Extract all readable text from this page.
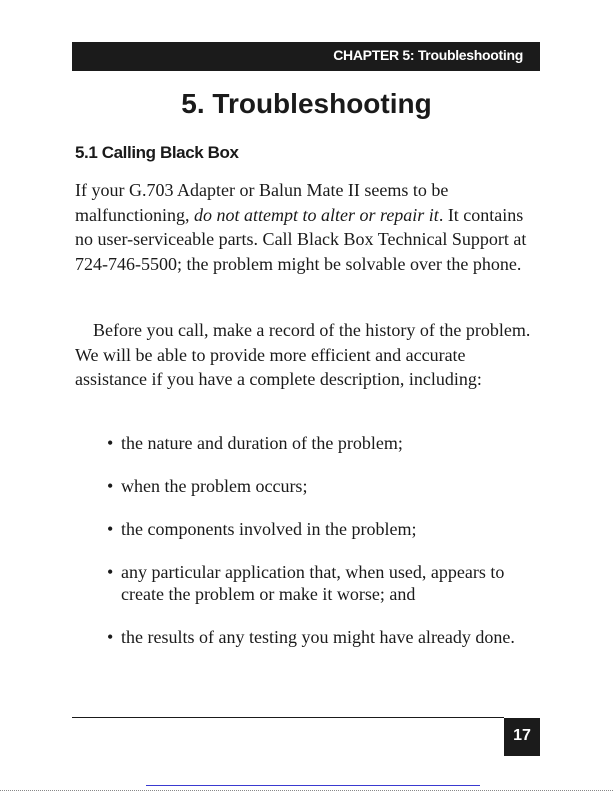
CHAPTER 5: Troubleshooting
5. Troubleshooting
5.1 Calling Black Box

If your G.703 Adapter or Balun Mate II seems to be malfunctioning, do not attempt to alter or repair it. It contains no user-serviceable parts. Call Black Box Technical Support at 724-746-5500; the problem might be solvable over the phone.

Before you call, make a record of the history of the problem. We will be able to provide more efficient and accurate assistance if you have a complete description, including:

• the nature and duration of the problem;
• when the problem occurs;
• the components involved in the problem;
• any particular application that, when used, appears to create the problem or make it worse; and
• the results of any testing you might have already done.
17
